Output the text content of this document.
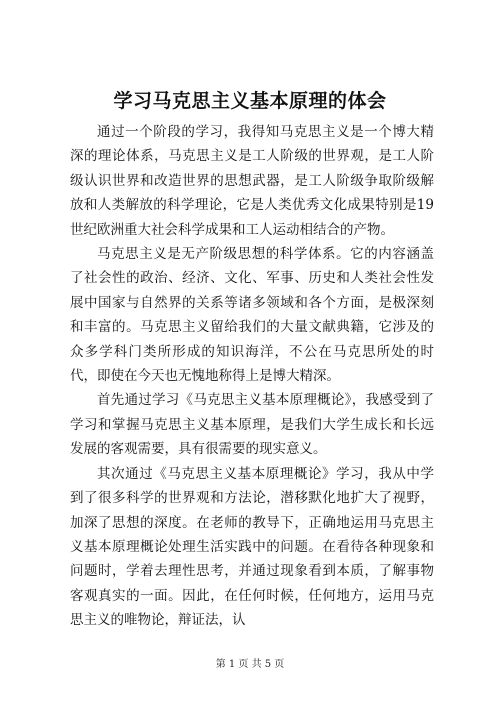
学习马克思主义基本原理的体会

通过一个阶段的学习，我得知马克思主义是一个博大精深的理论体系，马克思主义是工人阶级的世界观，是工人阶级认识世界和改造世界的思想武器，是工人阶级争取阶级解放和人类解放的科学理论，它是人类优秀文化成果特别是19世纪欧洲重大社会科学成果和工人运动相结合的产物。

马克思主义是无产阶级思想的科学体系。它的内容涵盖了社会性的政治、经济、文化、军事、历史和人类社会性发展中国家与自然界的关系等诸多领域和各个方面，是极深刻和丰富的。马克思主义留给我们的大量文献典籍，它涉及的众多学科门类所形成的知识海洋，不公在马克思所处的时代，即使在今天也无愧地称得上是博大精深。

首先通过学习《马克思主义基本原理概论》，我感受到了学习和掌握马克思主义基本原理，是我们大学生成长和长远发展的客观需要，具有很需要的现实意义。

其次通过《马克思主义基本原理概论》学习，我从中学到了很多科学的世界观和方法论，潜移默化地扩大了视野，加深了思想的深度。在老师的教导下，正确地运用马克思主义基本原理概论处理生活实践中的问题。在看待各种现象和问题时，学着去理性思考，并通过现象看到本质，了解事物客观真实的一面。因此，在任何时候，任何地方，运用马克思主义的唯物论，辩证法，认

第 1 页 共 5 页
